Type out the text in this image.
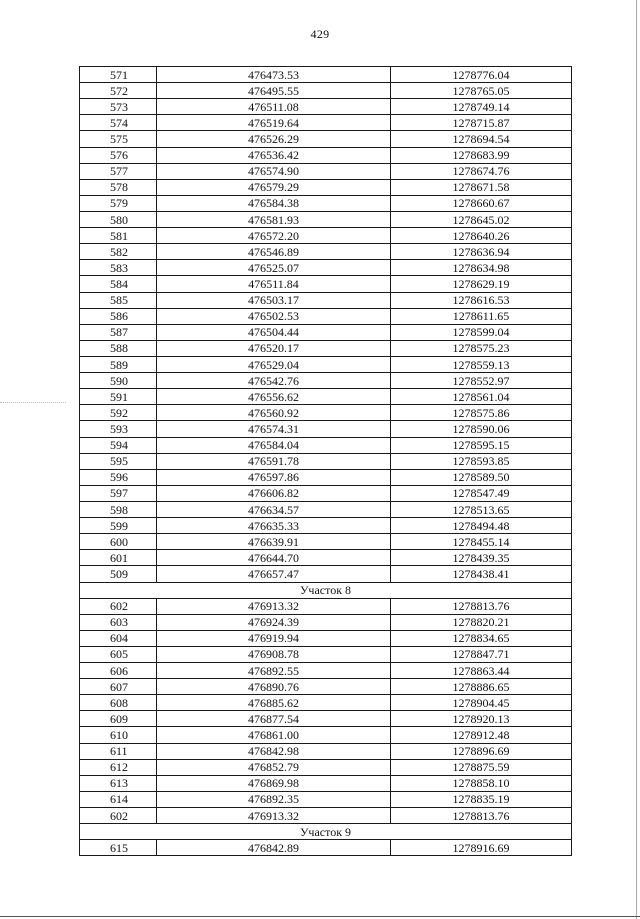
429
571	476473.53	1278776.04
572	476495.55	1278765.05
573	476511.08	1278749.14
574	476519.64	1278715.87
575	476526.29	1278694.54
576	476536.42	1278683.99
577	476574.90	1278674.76
578	476579.29	1278671.58
579	476584.38	1278660.67
580	476581.93	1278645.02
581	476572.20	1278640.26
582	476546.89	1278636.94
583	476525.07	1278634.98
584	476511.84	1278629.19
585	476503.17	1278616.53
586	476502.53	1278611.65
587	476504.44	1278599.04
588	476520.17	1278575.23
589	476529.04	1278559.13
590	476542.76	1278552.97
591	476556.62	1278561.04
592	476560.92	1278575.86
593	476574.31	1278590.06
594	476584.04	1278595.15
595	476591.78	1278593.85
596	476597.86	1278589.50
597	476606.82	1278547.49
598	476634.57	1278513.65
599	476635.33	1278494.48
600	476639.91	1278455.14
601	476644.70	1278439.35
509	476657.47	1278438.41
Участок 8		
602	476913.32	1278813.76
603	476924.39	1278820.21
604	476919.94	1278834.65
605	476908.78	1278847.71
606	476892.55	1278863.44
607	476890.76	1278886.65
608	476885.62	1278904.45
609	476877.54	1278920.13
610	476861.00	1278912.48
611	476842.98	1278896.69
612	476852.79	1278875.59
613	476869.98	1278858.10
614	476892.35	1278835.19
602	476913.32	1278813.76
Участок 9		
615	476842.89	1278916.69
